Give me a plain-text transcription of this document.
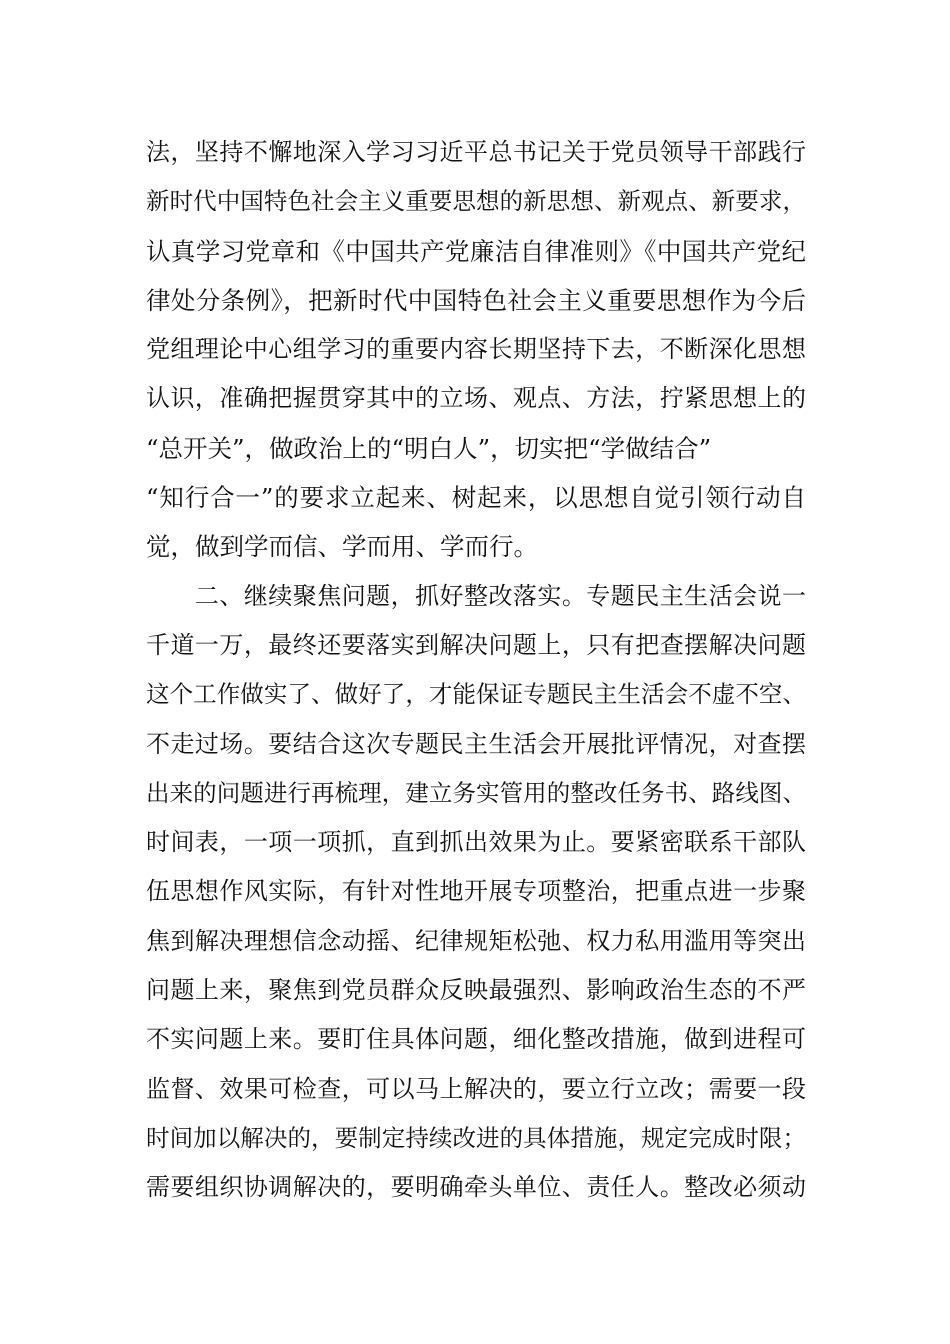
法，坚持不懈地深入学习习近平总书记关于党员领导干部践行
新时代中国特色社会主义重要思想的新思想、新观点、新要求，
认真学习党章和《中国共产党廉洁自律准则》《中国共产党纪
律处分条例》，把新时代中国特色社会主义重要思想作为今后
党组理论中心组学习的重要内容长期坚持下去，不断深化思想
认识，准确把握贯穿其中的立场、观点、方法，拧紧思想上的
“总开关”，做政治上的“明白人”，切实把“学做结合”
“知行合一”的要求立起来、树起来，以思想自觉引领行动自
觉，做到学而信、学而用、学而行。
　　二、继续聚焦问题，抓好整改落实。专题民主生活会说一
千道一万，最终还要落实到解决问题上，只有把查摆解决问题
这个工作做实了、做好了，才能保证专题民主生活会不虚不空、
不走过场。要结合这次专题民主生活会开展批评情况，对查摆
出来的问题进行再梳理，建立务实管用的整改任务书、路线图、
时间表，一项一项抓，直到抓出效果为止。要紧密联系干部队
伍思想作风实际，有针对性地开展专项整治，把重点进一步聚
焦到解决理想信念动摇、纪律规矩松弛、权力私用滥用等突出
问题上来，聚焦到党员群众反映最强烈、影响政治生态的不严
不实问题上来。要盯住具体问题，细化整改措施，做到进程可
监督、效果可检查，可以马上解决的，要立行立改；需要一段
时间加以解决的，要制定持续改进的具体措施，规定完成时限；
需要组织协调解决的，要明确牵头单位、责任人。整改必须动
